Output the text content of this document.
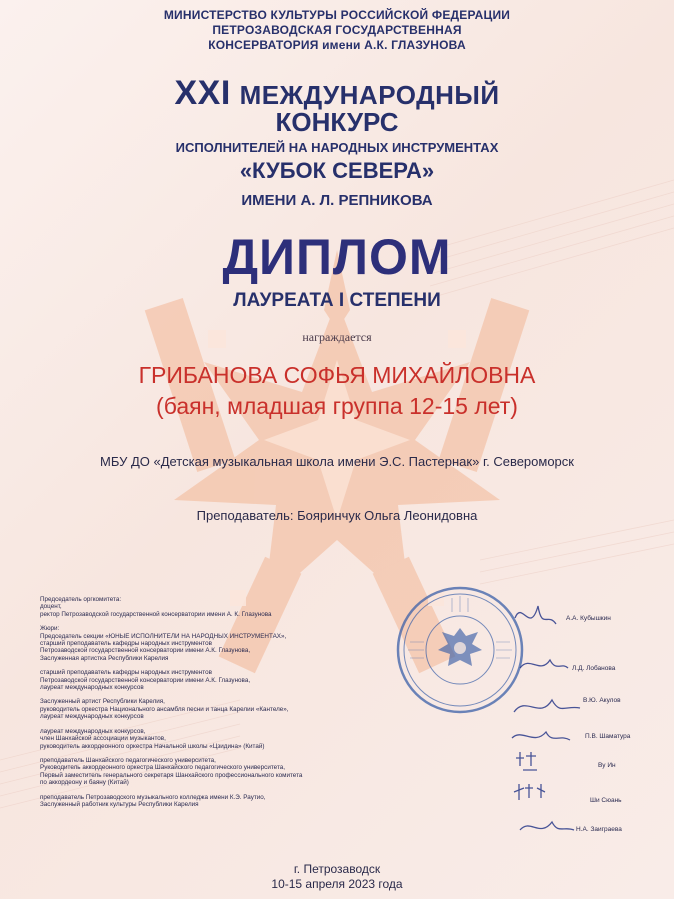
МИНИСТЕРСТВО КУЛЬТУРЫ РОССИЙСКОЙ ФЕДЕРАЦИИ
ПЕТРОЗАВОДСКАЯ ГОСУДАРСТВЕННАЯ
КОНСЕРВАТОРИЯ имени А.К. ГЛАЗУНОВА
XXI МЕЖДУНАРОДНЫЙ
КОНКУРС
ИСПОЛНИТЕЛЕЙ НА НАРОДНЫХ ИНСТРУМЕНТАХ
«КУБОК СЕВЕРА»
ИМЕНИ А. Л. РЕПНИКОВА
ДИПЛОМ
ЛАУРЕАТА I СТЕПЕНИ
награждается
ГРИБАНОВА СОФЬЯ МИХАЙЛОВНА
(баян, младшая группа 12-15 лет)
МБУ ДО «Детская музыкальная школа имени Э.С. Пастернак» г. Североморск
Преподаватель: Бояринчук Ольга Леонидовна
Председатель оргкомитета:
доцент,
ректор Петрозаводской государственной консерватории имени А. К. Глазунова
Жюри:
Председатель секции «ЮНЫЕ ИСПОЛНИТЕЛИ НА НАРОДНЫХ ИНСТРУМЕНТАХ»,
старший преподаватель кафедры народных инструментов
Петрозаводской государственной консерватории имени А.К. Глазунова,
Заслуженная артистка Республики Карелия
старший преподаватель кафедры народных инструментов
Петрозаводской государственной консерватории имени А.К. Глазунова,
лауреат международных конкурсов
Заслуженный артист Республики Карелия,
руководитель оркестра Национального ансамбля песни и танца Карелии «Кантеле»,
лауреат международных конкурсов
лауреат международных конкурсов,
член Шанхайской ассоциации музыкантов,
руководитель аккордеонного оркестра Начальной школы «Цзидина» (Китай)
преподаватель Шанхайского педагогического университета,
Руководитель аккордеонного оркестра Шанхайского педагогического университета,
Первый заместитель генерального секретаря Шанхайского профессионального комитета
по аккордеону и баяну (Китай)
преподаватель Петрозаводского музыкального колледжа имени К.Э. Раутио,
Заслуженный работник культуры Республики Карелия
А.А. Кубышкин
Л.Д. Лобанова
В.Ю. Акулов
П.В. Шаматура
Ву Ин
Ши Сюань
Н.А. Заиграева
г. Петрозаводск
10-15 апреля 2023 года
